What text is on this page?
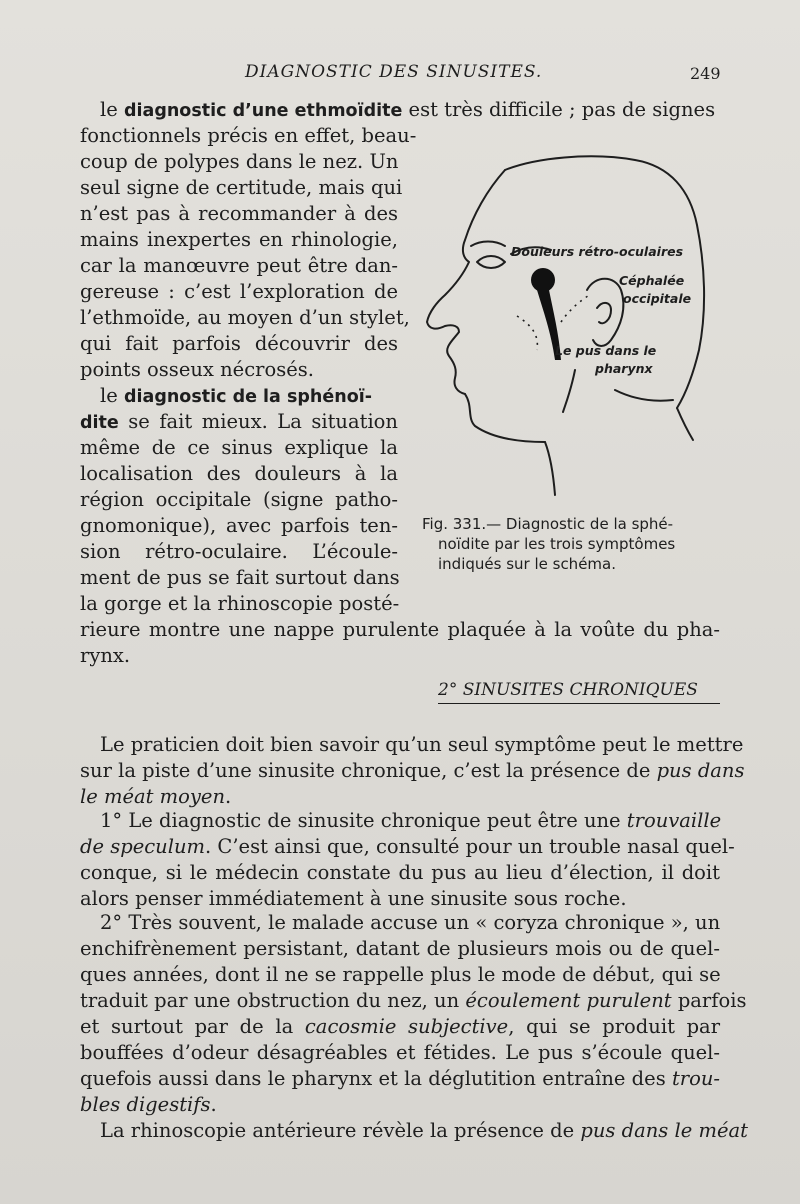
DIAGNOSTIC DES SINUSITES.	249
le diagnostic d’une ethmoïdite est très difficile ; pas de signes
fonctionnels précis en effet, beau-
coup de polypes dans le nez. Un
seul signe de certitude, mais qui
n’est pas à recommander à des
mains inexpertes en rhinologie,
car la manœuvre peut être dan-
gereuse : c’est l’exploration de
l’ethmoïde, au moyen d’un stylet,
qui fait parfois découvrir des
points osseux nécrosés.
le diagnostic de la sphénoï-
dite se fait mieux. La situation
même de ce sinus explique la
localisation des douleurs à la
région occipitale (signe patho-
gnomonique), avec parfois ten-
sion rétro-oculaire. L’écoule-
ment de pus se fait surtout dans
la gorge et la rhinoscopie posté-
rieure montre une nappe purulente plaquée à la voûte du pha-
rynx.
Douleurs rétro-oculaires
Céphalée
occipitale
Le pus dans le
pharynx
Fig. 331.— Diagnostic de la sphé-
noïdite par les trois symptômes
indiqués sur le schéma.
2° SINUSITES CHRONIQUES
Le praticien doit bien savoir qu’un seul symptôme peut le mettre
sur la piste d’une sinusite chronique, c’est la présence de pus dans
le méat moyen.
1° Le diagnostic de sinusite chronique peut être une trouvaille
de speculum. C’est ainsi que, consulté pour un trouble nasal quel-
conque, si le médecin constate du pus au lieu d’élection, il doit
alors penser immédiatement à une sinusite sous roche.
2° Très souvent, le malade accuse un « coryza chronique », un
enchifrènement persistant, datant de plusieurs mois ou de quel-
ques années, dont il ne se rappelle plus le mode de début, qui se
traduit par une obstruction du nez, un écoulement purulent parfois
et surtout par de la cacosmie subjective, qui se produit par
bouffées d’odeur désagréables et fétides. Le pus s’écoule quel-
quefois aussi dans le pharynx et la déglutition entraîne des trou-
bles digestifs.
La rhinoscopie antérieure révèle la présence de pus dans le méat
